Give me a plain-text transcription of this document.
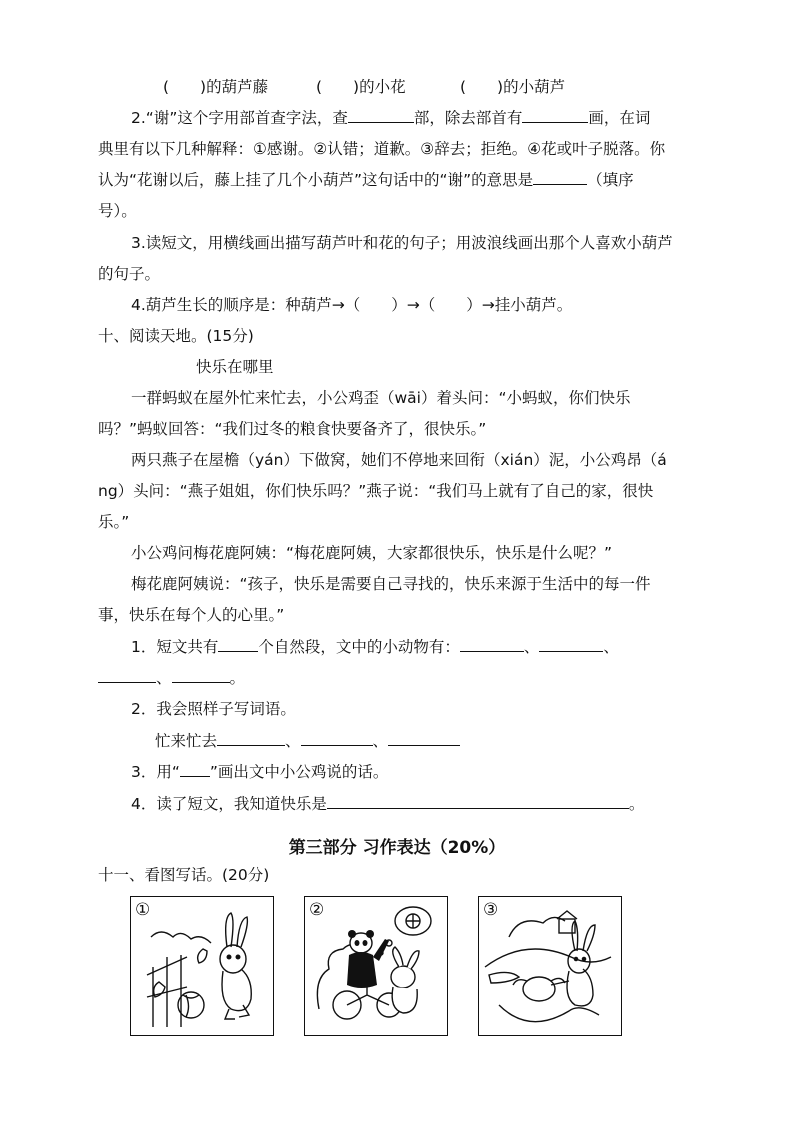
(　　)的葫芦藤	(　　)的小花	(　　)的小葫芦
2.“谢”这个字用部首查字法，查	部，除去部首有	画，在词
典里有以下几种解释：①感谢。②认错；道歉。③辞去；拒绝。④花或叶子脱落。你
认为“花谢以后，藤上挂了几个小葫芦”这句话中的“谢”的意思是	（填序
号）。
3.读短文，用横线画出描写葫芦叶和花的句子；用波浪线画出那个人喜欢小葫芦
的句子。
4.葫芦生长的顺序是：种葫芦→（　　）→（　　）→挂小葫芦。
十、阅读天地。(15分)
快乐在哪里
一群蚂蚁在屋外忙来忙去，小公鸡歪（wāi）着头问：“小蚂蚁，你们快乐
吗？”蚂蚁回答：“我们过冬的粮食快要备齐了，很快乐。”
两只燕子在屋檐（yán）下做窝，她们不停地来回衔（xián）泥，小公鸡昂（á
ng）头问：“燕子姐姐，你们快乐吗？”燕子说：“我们马上就有了自己的家，很快
乐。”
小公鸡问梅花鹿阿姨：“梅花鹿阿姨，大家都很快乐，快乐是什么呢？”
梅花鹿阿姨说：“孩子，快乐是需要自己寻找的，快乐来源于生活中的每一件
事，快乐在每个人的心里。”
1．短文共有	个自然段，文中的小动物有：	、	、
、	。
2．我会照样子写词语。
忙来忙去	、	、
3．用“ ”画出文中小公鸡说的话。
4．读了短文，我知道快乐是	。
第三部分 习作表达（20%）
十一、看图写话。(20分)
①	②	③
